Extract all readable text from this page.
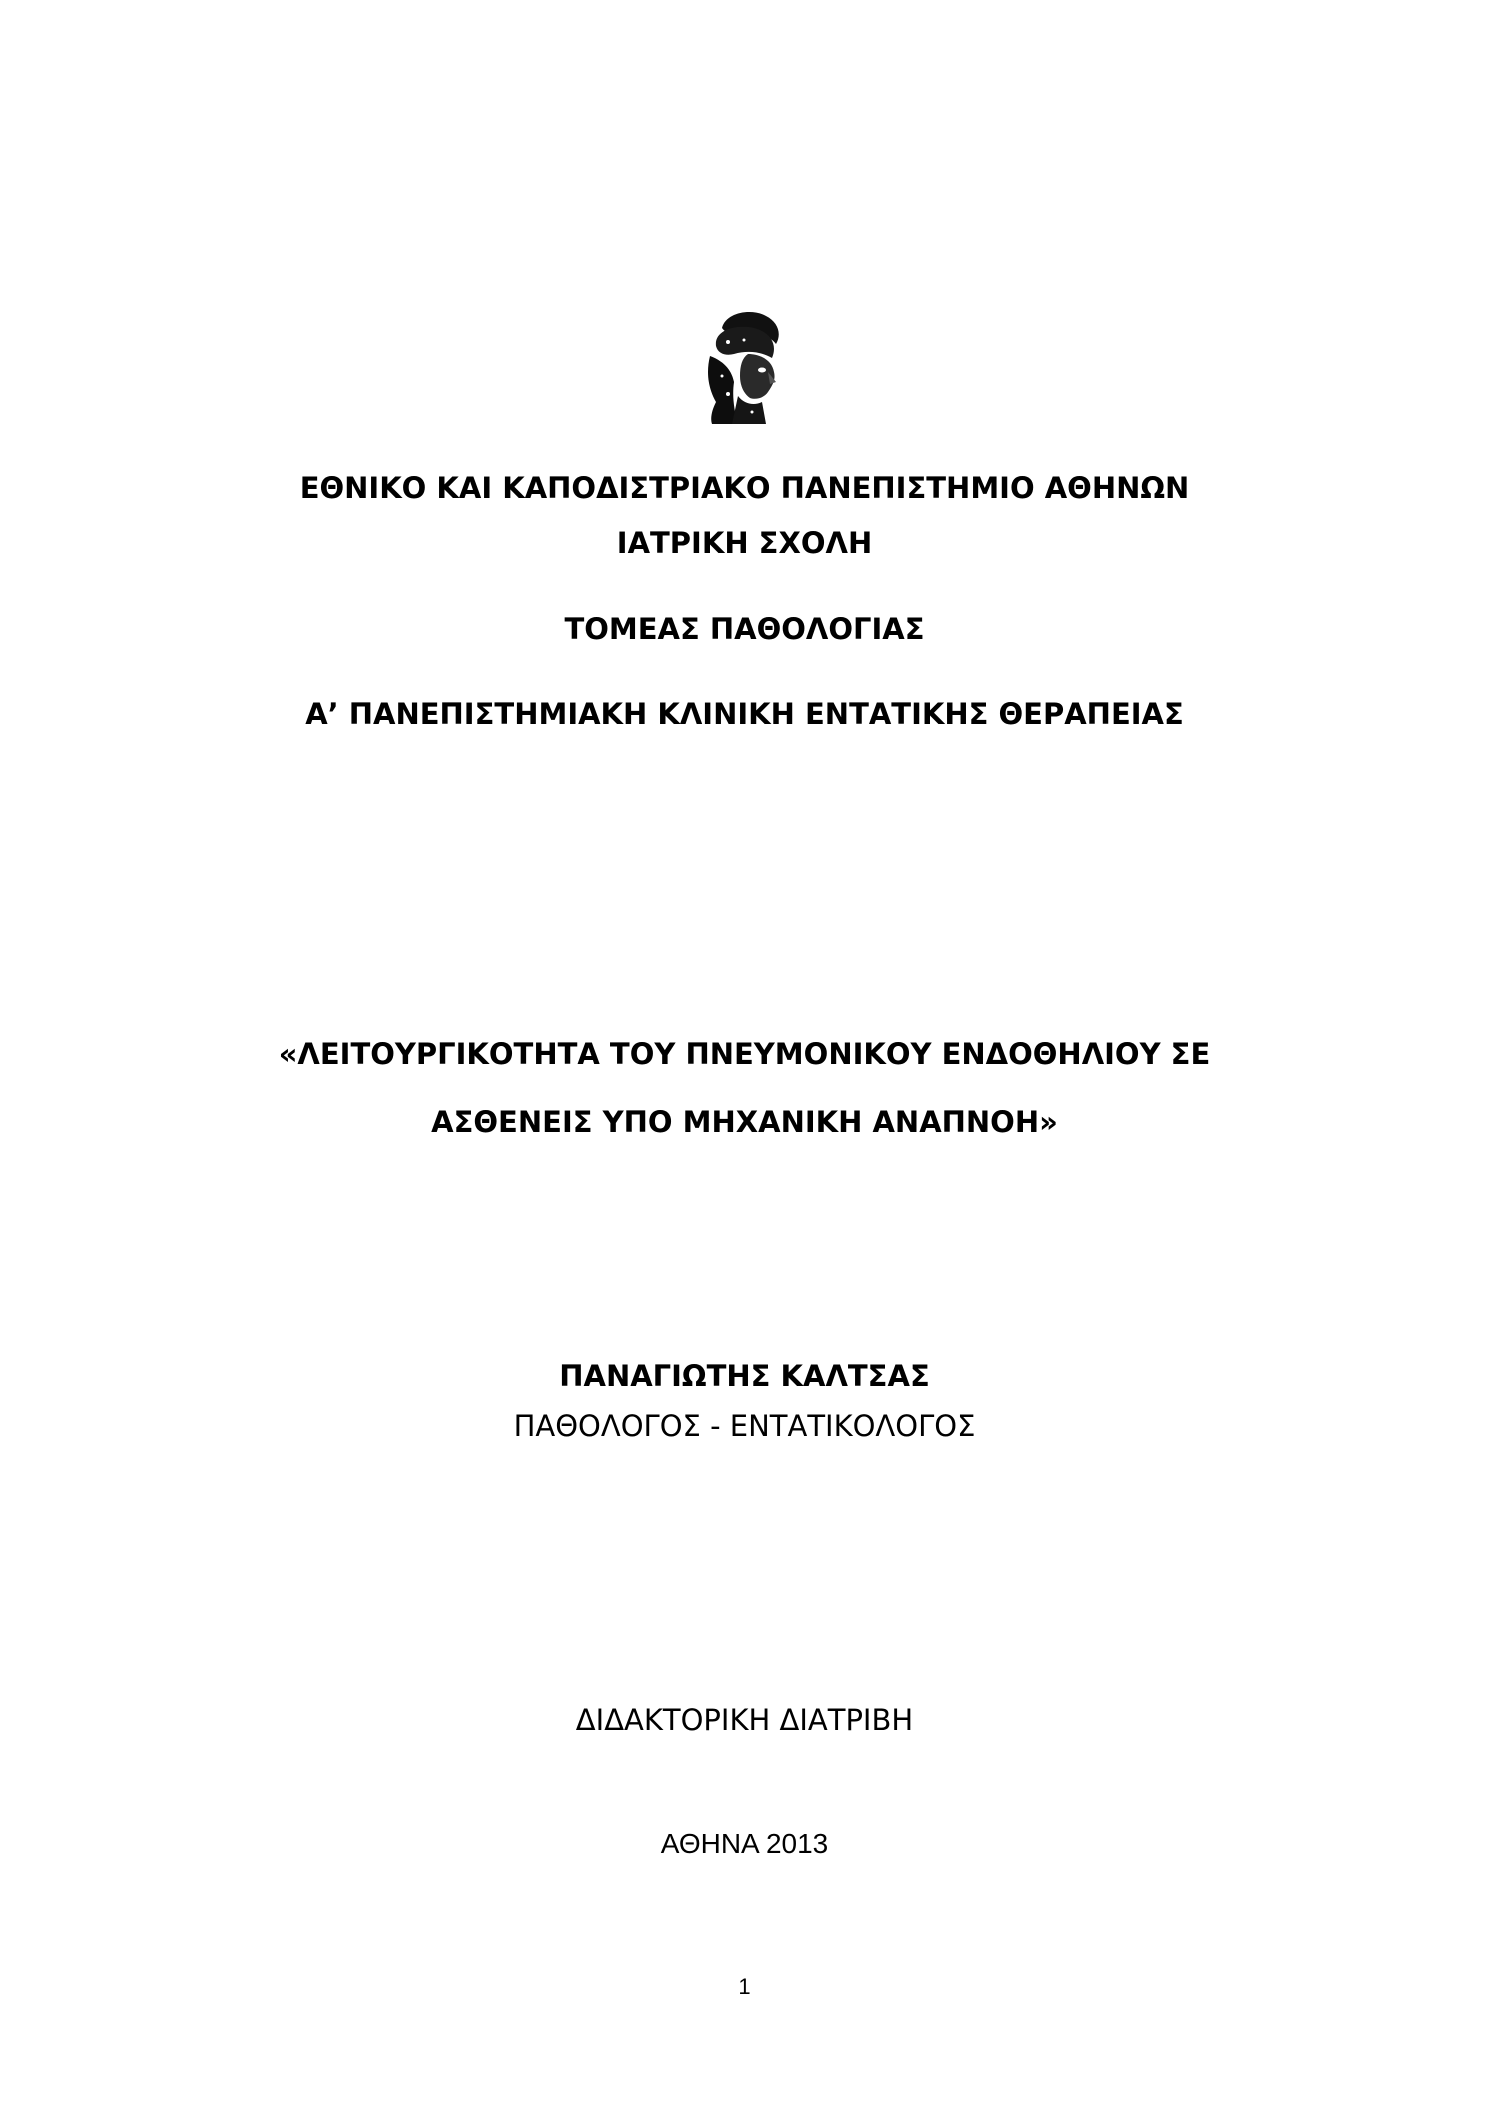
ΕΘΝΙΚΟ ΚΑΙ ΚΑΠΟΔΙΣΤΡΙΑΚΟ ΠΑΝΕΠΙΣΤΗΜΙΟ ΑΘΗΝΩΝ
ΙΑΤΡΙΚΗ ΣΧΟΛΗ
ΤΟΜΕΑΣ ΠΑΘΟΛΟΓΙΑΣ
Α’ ΠΑΝΕΠΙΣΤΗΜΙΑΚΗ ΚΛΙΝΙΚΗ ΕΝΤΑΤΙΚΗΣ ΘΕΡΑΠΕΙΑΣ
«ΛΕΙΤΟΥΡΓΙΚΟΤΗΤΑ ΤΟΥ ΠΝΕΥΜΟΝΙΚΟΥ ΕΝΔΟΘΗΛΙΟΥ ΣΕ
ΑΣΘΕΝΕΙΣ ΥΠΟ ΜΗΧΑΝΙΚΗ ΑΝΑΠΝΟΗ»
ΠΑΝΑΓΙΩΤΗΣ ΚΑΛΤΣΑΣ
ΠΑΘΟΛΟΓΟΣ - ΕΝΤΑΤΙΚΟΛΟΓΟΣ
ΔΙΔΑΚΤΟΡΙΚΗ ΔΙΑΤΡΙΒΗ
ΑΘΗΝΑ 2013
1
